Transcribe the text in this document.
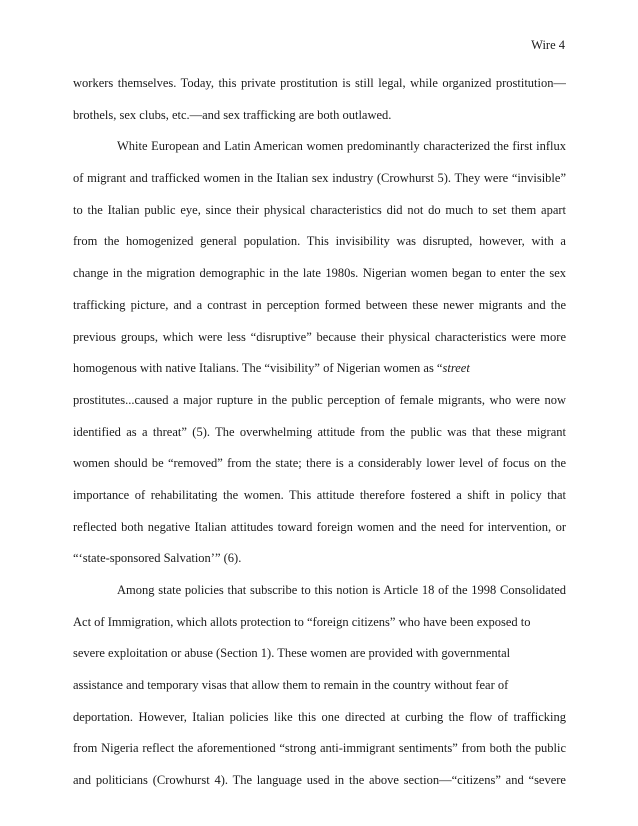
Wire 4
workers themselves. Today, this private prostitution is still legal, while organized prostitution—
brothels, sex clubs, etc.—and sex trafficking are both outlawed.
White European and Latin American women predominantly characterized the first influx
of migrant and trafficked women in the Italian sex industry (Crowhurst 5). They were “invisible”
to the Italian public eye, since their physical characteristics did not do much to set them apart
from the homogenized general population. This invisibility was disrupted, however, with a
change in the migration demographic in the late 1980s. Nigerian women began to enter the sex
trafficking picture, and a contrast in perception formed between these newer migrants and the
previous groups, which were less “disruptive” because their physical characteristics were more
homogenous with native Italians. The “visibility” of Nigerian women as “street
prostitutes...caused a major rupture in the public perception of female migrants, who were now
identified as a threat” (5). The overwhelming attitude from the public was that these migrant
women should be “removed” from the state; there is a considerably lower level of focus on the
importance of rehabilitating the women. This attitude therefore fostered a shift in policy that
reflected both negative Italian attitudes toward foreign women and the need for intervention, or
“‘state-sponsored Salvation’” (6).
Among state policies that subscribe to this notion is Article 18 of the 1998 Consolidated
Act of Immigration, which allots protection to “foreign citizens” who have been exposed to
severe exploitation or abuse (Section 1). These women are provided with governmental
assistance and temporary visas that allow them to remain in the country without fear of
deportation. However, Italian policies like this one directed at curbing the flow of trafficking
from Nigeria reflect the aforementioned “strong anti-immigrant sentiments” from both the public
and politicians (Crowhurst 4). The language used in the above section—“citizens” and “severe
